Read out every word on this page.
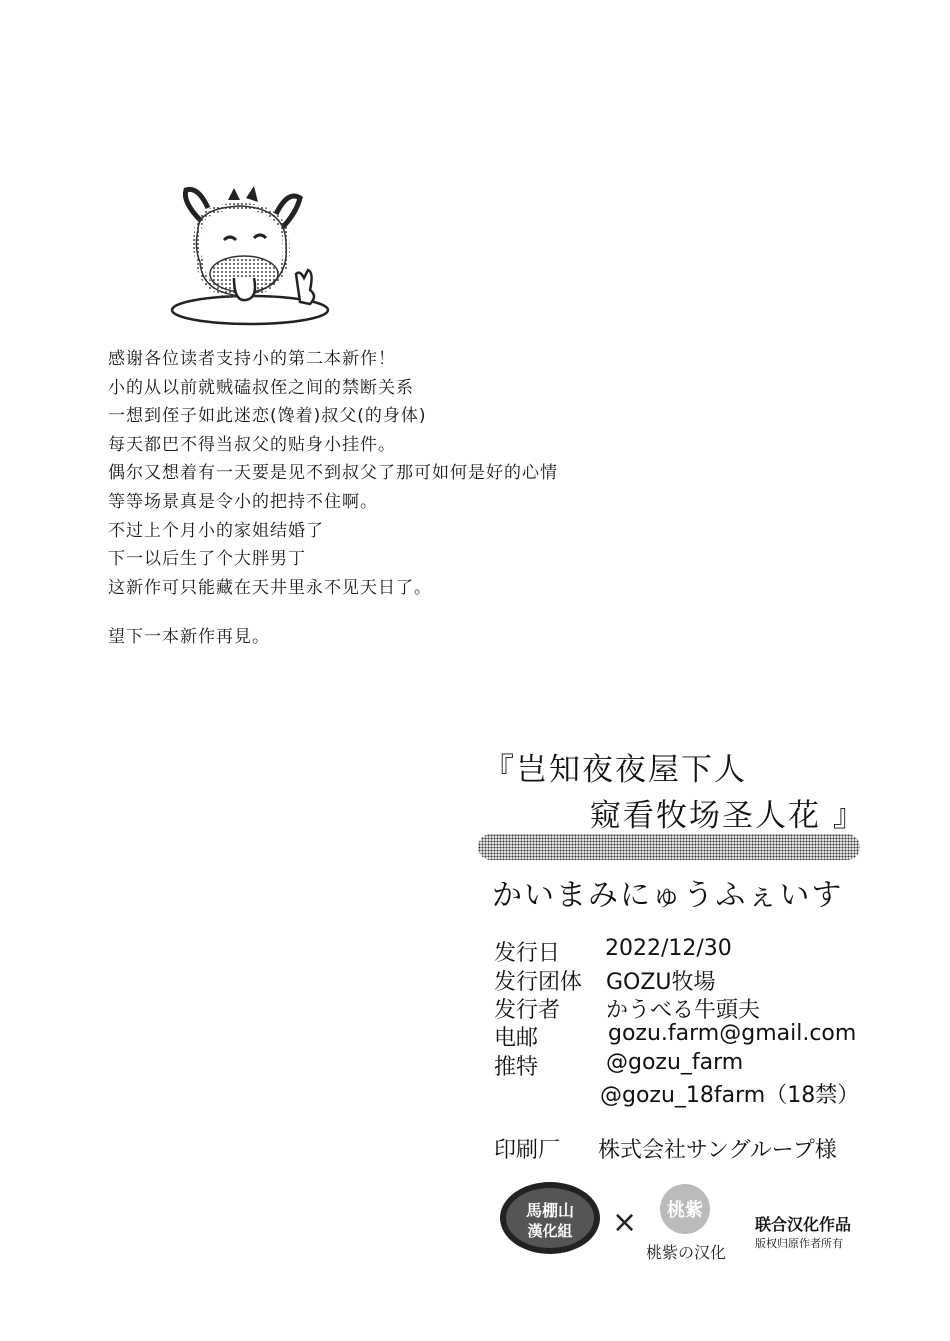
感谢各位读者支持小的第二本新作！
小的从以前就贼磕叔侄之间的禁断关系
一想到侄子如此迷恋(馋着)叔父(的身体)
每天都巴不得当叔父的贴身小挂件。
偶尔又想着有一天要是见不到叔父了那可如何是好的心情
等等场景真是令小的把持不住啊。
不过上个月小的家姐结婚了
下一以后生了个大胖男丁
这新作可只能藏在天井里永不见天日了。
望下一本新作再見。
『岂知夜夜屋下人
窥看牧场圣人花 』
かいまみにゅうふぇいす
发行日 2022/12/30
发行团体 GOZU牧場
发行者 かうべる牛頭夫
电邮	gozu.farm@gmail.com
推特	@gozu_farm
@gozu_18farm（18禁）
印刷厂 株式会社サングループ様
馬棚山
漢化組 × 桃紫
桃紫の汉化
联合汉化作品
版权归原作者所有
